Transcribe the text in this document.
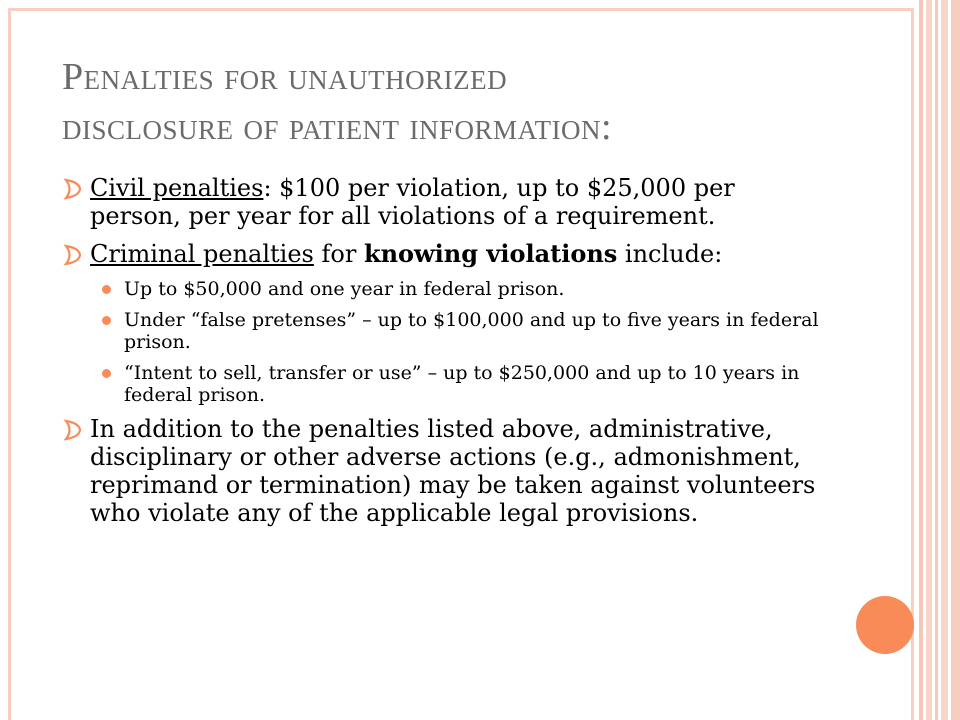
Penalties for unauthorized
disclosure of patient information:
Civil penalties: $100 per violation, up to $25,000 per person, per year for all violations of a requirement.
Criminal penalties for knowing violations include:
Up to $50,000 and one year in federal prison.
Under “false pretenses” – up to $100,000 and up to five years in federal prison.
“Intent to sell, transfer or use” – up to $250,000 and up to 10 years in federal prison.
In addition to the penalties listed above, administrative, disciplinary or other adverse actions (e.g., admonishment, reprimand or termination) may be taken against volunteers who violate any of the applicable legal provisions.
